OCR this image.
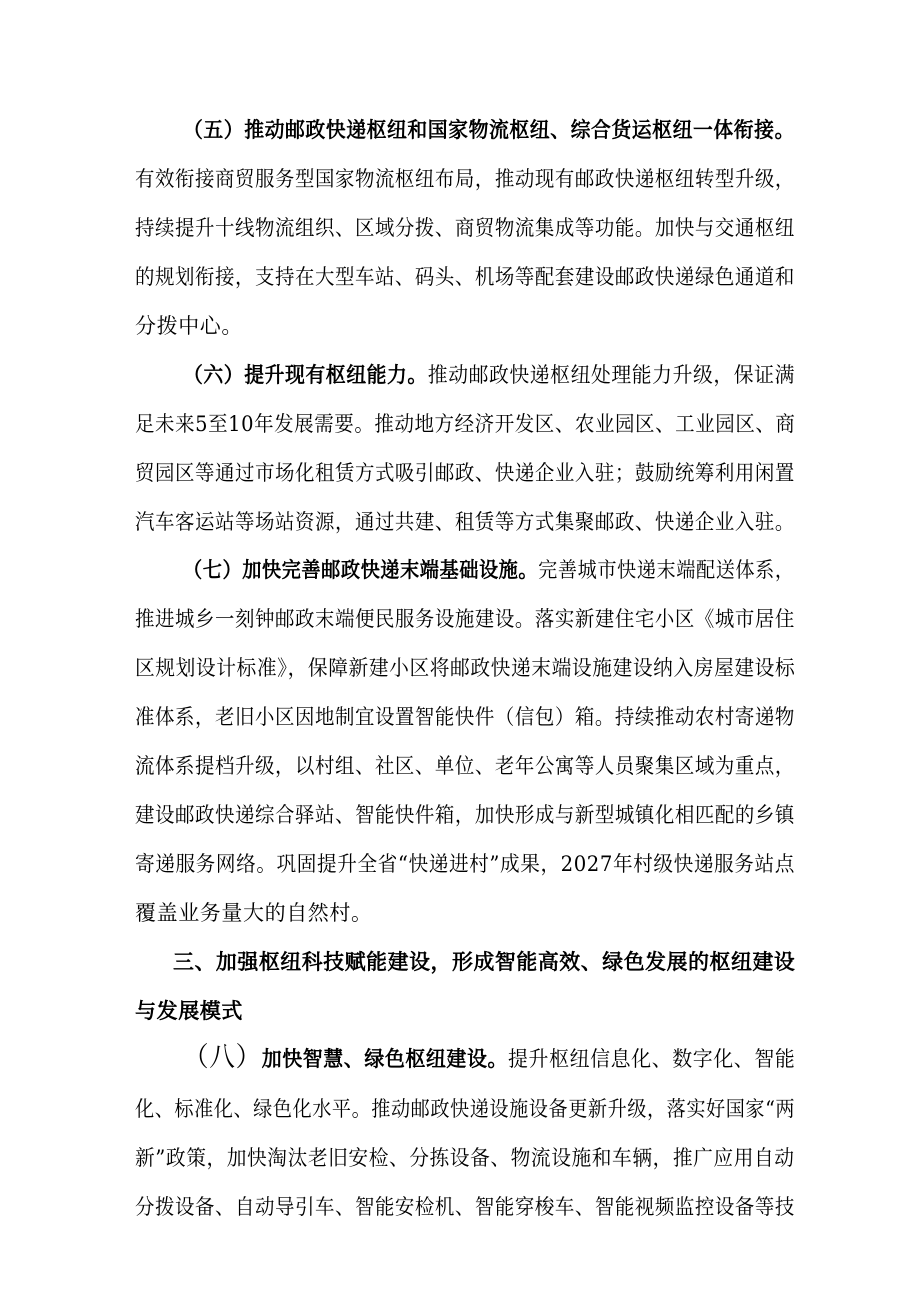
（五）推动邮政快递枢纽和国家物流枢纽、综合货运枢纽一体衔接。
有效衔接商贸服务型国家物流枢纽布局，推动现有邮政快递枢纽转型升级，
持续提升十线物流组织、区域分拨、商贸物流集成等功能。加快与交通枢纽
的规划衔接，支持在大型车站、码头、机场等配套建设邮政快递绿色通道和
分拨中心。
（六）提升现有枢纽能力。推动邮政快递枢纽处理能力升级，保证满
足未来5至10年发展需要。推动地方经济开发区、农业园区、工业园区、商
贸园区等通过市场化租赁方式吸引邮政、快递企业入驻；鼓励统筹利用闲置
汽车客运站等场站资源，通过共建、租赁等方式集聚邮政、快递企业入驻。
（七）加快完善邮政快递末端基础设施。完善城市快递末端配送体系，
推进城乡一刻钟邮政末端便民服务设施建设。落实新建住宅小区《城市居住
区规划设计标准》，保障新建小区将邮政快递末端设施建设纳入房屋建设标
准体系，老旧小区因地制宜设置智能快件（信包）箱。持续推动农村寄递物
流体系提档升级，以村组、社区、单位、老年公寓等人员聚集区域为重点，
建设邮政快递综合驿站、智能快件箱，加快形成与新型城镇化相匹配的乡镇
寄递服务网络。巩固提升全省“快递进村”成果，2027年村级快递服务站点
覆盖业务量大的自然村。
三、加强枢纽科技赋能建设，形成智能高效、绿色发展的枢纽建设
与发展模式
（八）加快智慧、绿色枢纽建设。提升枢纽信息化、数字化、智能
化、标准化、绿色化水平。推动邮政快递设施设备更新升级，落实好国家“两
新”政策，加快淘汰老旧安检、分拣设备、物流设施和车辆，推广应用自动
分拨设备、自动导引车、智能安检机、智能穿梭车、智能视频监控设备等技
